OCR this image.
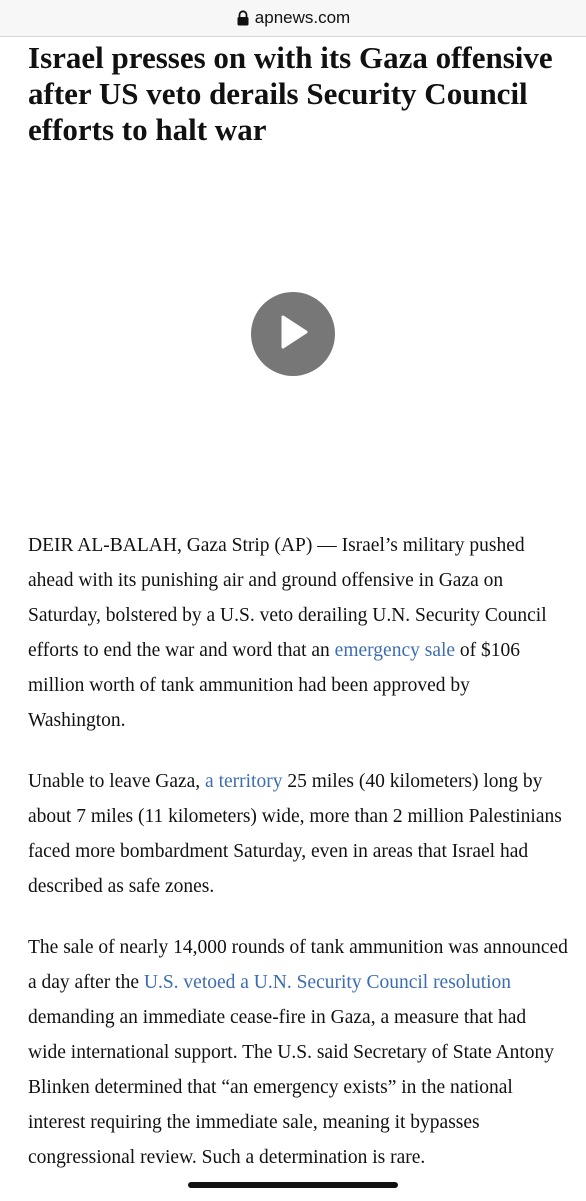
apnews.com
Israel presses on with its Gaza offensive after US veto derails Security Council efforts to halt war

DEIR AL-BALAH, Gaza Strip (AP) — Israel’s military pushed ahead with its punishing air and ground offensive in Gaza on Saturday, bolstered by a U.S. veto derailing U.N. Security Council efforts to end the war and word that an emergency sale of $106 million worth of tank ammunition had been approved by Washington.

Unable to leave Gaza, a territory 25 miles (40 kilometers) long by about 7 miles (11 kilometers) wide, more than 2 million Palestinians faced more bombardment Saturday, even in areas that Israel had described as safe zones.

The sale of nearly 14,000 rounds of tank ammunition was announced a day after the U.S. vetoed a U.N. Security Council resolution demanding an immediate cease-fire in Gaza, a measure that had wide international support. The U.S. said Secretary of State Antony Blinken determined that “an emergency exists” in the national interest requiring the immediate sale, meaning it bypasses congressional review. Such a determination is rare.
